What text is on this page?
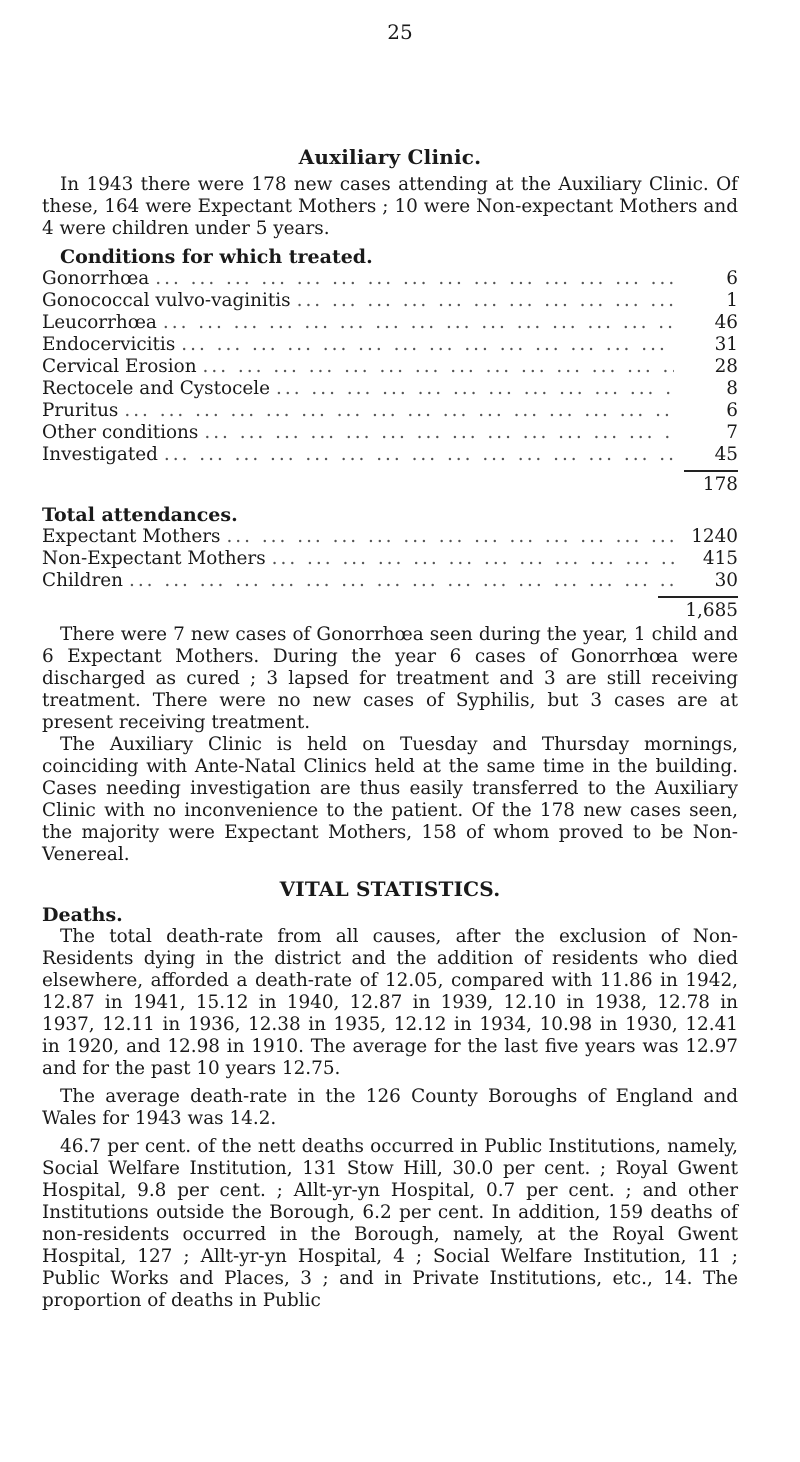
25
Auxiliary Clinic.

In 1943 there were 178 new cases attending at the Auxiliary Clinic. Of these, 164 were Expectant Mothers ; 10 were Non-expectant Mothers and 4 were children under 5 years.

Conditions for which treated.
Gonorrhœa ... .	6
Gonococcal vulvo-vaginitis ... .	1
Leucorrhœa ... .	46
Endocervicitis ... .	31
Cervical Erosion ... .	28
Rectocele and Cystocele ... .	8
Pruritus ... .	6
Other conditions ... .	7
Investigated ... .	45
178
Total attendances.
Expectant Mothers ... .	1240
Non-Expectant Mothers ... .	415
Children ... .	30
1,685

There were 7 new cases of Gonorrhœa seen during the year, 1 child and 6 Expectant Mothers. During the year 6 cases of Gonorrhœa were discharged as cured ; 3 lapsed for treatment and 3 are still receiving treatment. There were no new cases of Syphilis, but 3 cases are at present receiving treatment.

The Auxiliary Clinic is held on Tuesday and Thursday mornings, coinciding with Ante-Natal Clinics held at the same time in the building. Cases needing investigation are thus easily transferred to the Auxiliary Clinic with no inconvenience to the patient. Of the 178 new cases seen, the majority were Expectant Mothers, 158 of whom proved to be Non-Venereal.

VITAL STATISTICS.
Deaths.

The total death-rate from all causes, after the exclusion of Non-Residents dying in the district and the addition of residents who died elsewhere, afforded a death-rate of 12.05, compared with 11.86 in 1942, 12.87 in 1941, 15.12 in 1940, 12.87 in 1939, 12.10 in 1938, 12.78 in 1937, 12.11 in 1936, 12.38 in 1935, 12.12 in 1934, 10.98 in 1930, 12.41 in 1920, and 12.98 in 1910. The average for the last five years was 12.97 and for the past 10 years 12.75.

The average death-rate in the 126 County Boroughs of England and Wales for 1943 was 14.2.

46.7 per cent. of the nett deaths occurred in Public Institutions, namely, Social Welfare Institution, 131 Stow Hill, 30.0 per cent. ; Royal Gwent Hospital, 9.8 per cent. ; Allt-yr-yn Hospital, 0.7 per cent. ; and other Institutions outside the Borough, 6.2 per cent. In addition, 159 deaths of non-residents occurred in the Borough, namely, at the Royal Gwent Hospital, 127 ; Allt-yr-yn Hospital, 4 ; Social Welfare Institution, 11 ; Public Works and Places, 3 ; and in Private Institutions, etc., 14. The proportion of deaths in Public
